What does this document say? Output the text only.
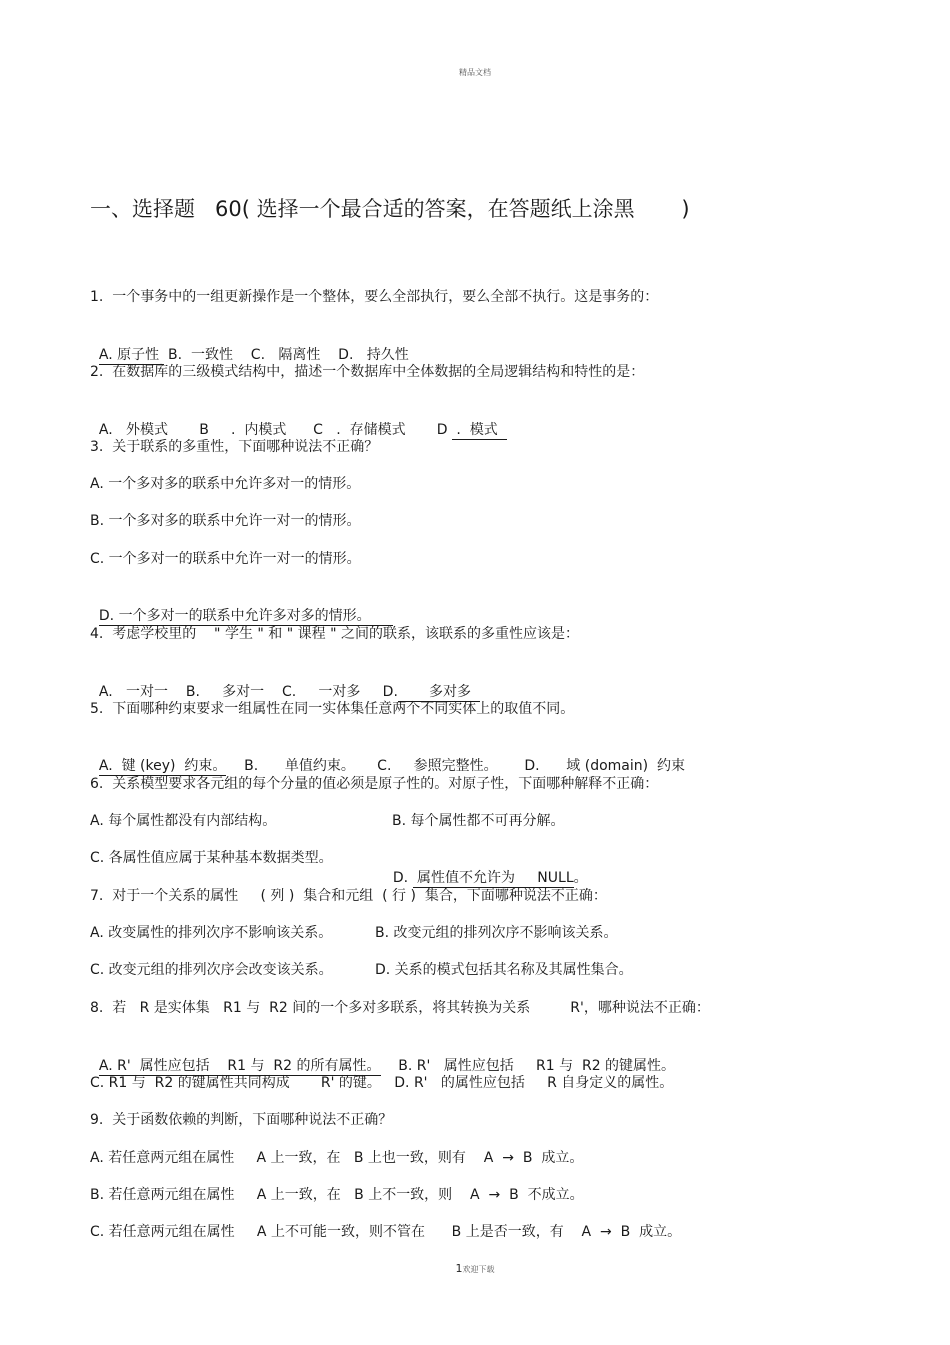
精品文档
一、选择题   60( 选择一个最合适的答案，在答题纸上涂黑       )
1.  一个事务中的一组更新操作是一个整体，要么全部执行，要么全部不执行。这是事务的：

A. 原子性  B.  一致性    C.   隔离性    D.   持久性

2.  在数据库的三级模式结构中，描述一个数据库中全体数据的全局逻辑结构和特性的是：

A.   外模式       B     .  内模式      C   .  存储模式       D  .  模式

3.  关于联系的多重性，下面哪种说法不正确？
A. 一个多对多的联系中允许多对一的情形。
B. 一个多对多的联系中允许一对一的情形。
C. 一个多对一的联系中允许一对一的情形。

D. 一个多对一的联系中允许多对多的情形。

4.  考虑学校里的    " 学生 " 和 " 课程 " 之间的联系，该联系的多重性应该是：

A.   一对一    B.     多对一    C.     一对多     D.       多对多

5.  下面哪种约束要求一组属性在同一实体集任意两个不同实体上的取值不同。

A.  键 (key)  约束。    B.      单值约束。     C.     参照完整性。      D.      域 (domain)  约束

6.  关系模型要求各元组的每个分量的值必须是原子性的。对原子性，下面哪种解释不正确：
A. 每个属性都没有内部结构。	B. 每个属性都不可再分解。
C. 各属性值应属于某种基本数据类型。

D.  属性值不允许为     NULL。

7.  对于一个关系的属性     ( 列 )  集合和元组  ( 行 )  集合，下面哪种说法不正确：
A. 改变属性的排列次序不影响该关系。	B. 改变元组的排列次序不影响该关系。
C. 改变元组的排列次序会改变该关系。	D. 关系的模式包括其名称及其属性集合。
8.  若   R 是实体集   R1 与  R2 间的一个多对多联系，将其转换为关系         R'，哪种说法不正确：

A. R'  属性应包括    R1 与  R2 的所有属性。    B. R'   属性应包括     R1 与  R2 的键属性。

C. R1 与  R2 的键属性共同构成       R' 的键。   D. R'   的属性应包括     R 自身定义的属性。
9.  关于函数依赖的判断，下面哪种说法不正确？
A. 若任意两元组在属性     A 上一致，在   B 上也一致，则有    A  →  B  成立。
B. 若任意两元组在属性     A 上一致，在   B 上不一致，则    A  →  B  不成立。
C. 若任意两元组在属性     A 上不可能一致，则不管在      B 上是否一致，有    A  →  B  成立。
1欢迎下载
